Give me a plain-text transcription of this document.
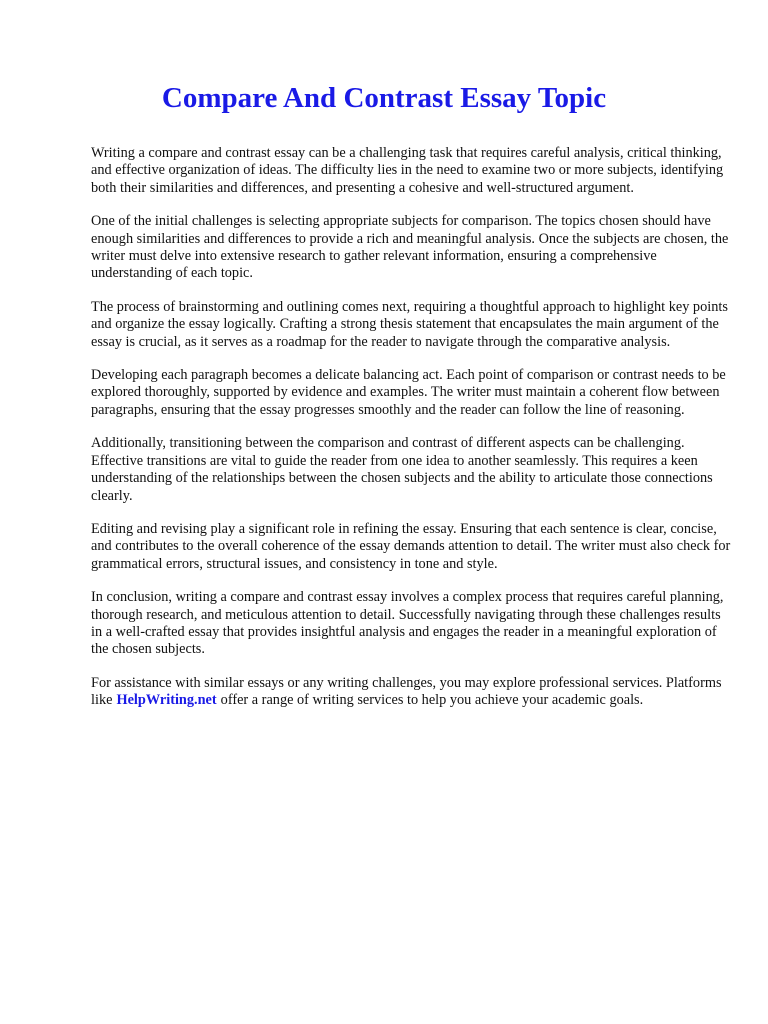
Compare And Contrast Essay Topic

Writing a compare and contrast essay can be a challenging task that requires careful analysis, critical thinking, and effective organization of ideas. The difficulty lies in the need to examine two or more subjects, identifying both their similarities and differences, and presenting a cohesive and well-structured argument.

One of the initial challenges is selecting appropriate subjects for comparison. The topics chosen should have enough similarities and differences to provide a rich and meaningful analysis. Once the subjects are chosen, the writer must delve into extensive research to gather relevant information, ensuring a comprehensive understanding of each topic.

The process of brainstorming and outlining comes next, requiring a thoughtful approach to highlight key points and organize the essay logically. Crafting a strong thesis statement that encapsulates the main argument of the essay is crucial, as it serves as a roadmap for the reader to navigate through the comparative analysis.

Developing each paragraph becomes a delicate balancing act. Each point of comparison or contrast needs to be explored thoroughly, supported by evidence and examples. The writer must maintain a coherent flow between paragraphs, ensuring that the essay progresses smoothly and the reader can follow the line of reasoning.

Additionally, transitioning between the comparison and contrast of different aspects can be challenging. Effective transitions are vital to guide the reader from one idea to another seamlessly. This requires a keen understanding of the relationships between the chosen subjects and the ability to articulate those connections clearly.

Editing and revising play a significant role in refining the essay. Ensuring that each sentence is clear, concise, and contributes to the overall coherence of the essay demands attention to detail. The writer must also check for grammatical errors, structural issues, and consistency in tone and style.

In conclusion, writing a compare and contrast essay involves a complex process that requires careful planning, thorough research, and meticulous attention to detail. Successfully navigating through these challenges results in a well-crafted essay that provides insightful analysis and engages the reader in a meaningful exploration of the chosen subjects.

For assistance with similar essays or any writing challenges, you may explore professional services. Platforms like HelpWriting.net offer a range of writing services to help you achieve your academic goals.
